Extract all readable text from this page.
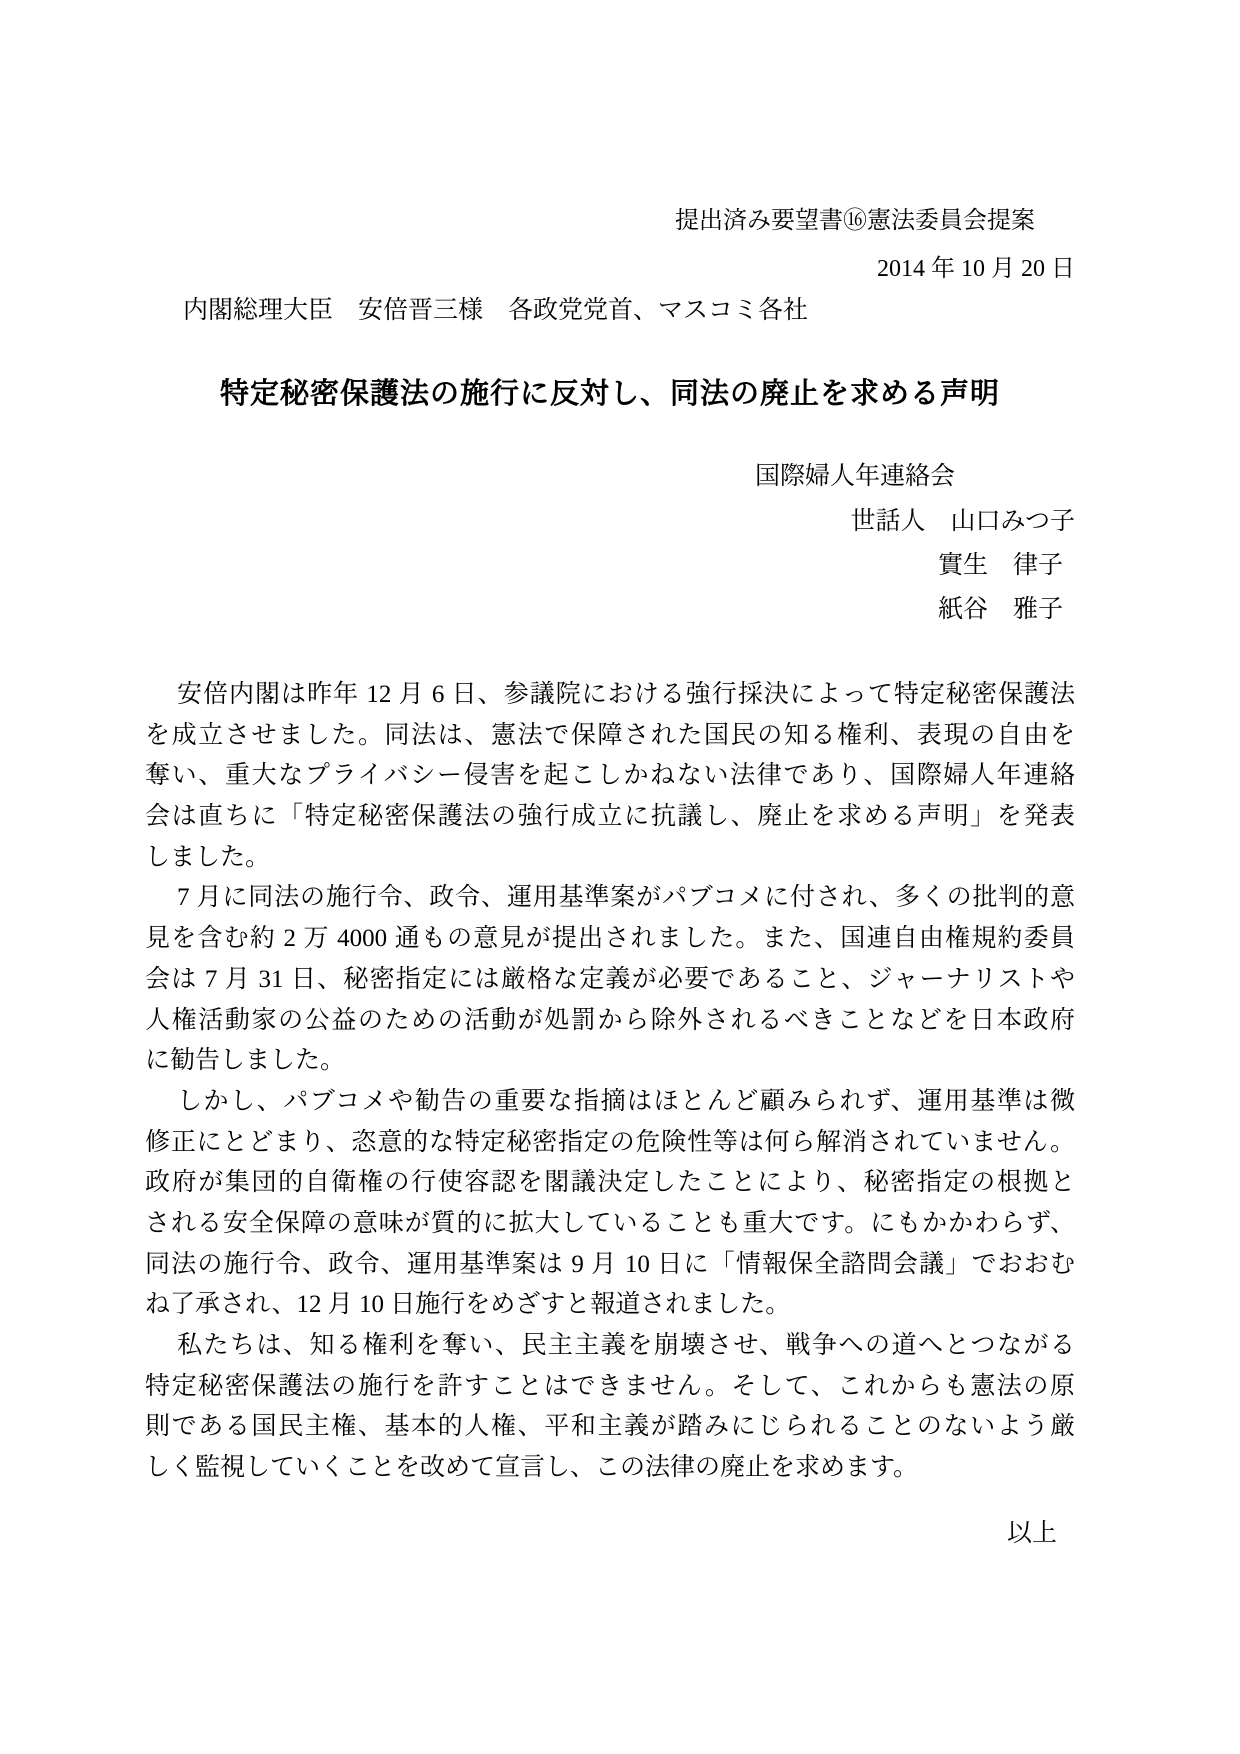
提出済み要望書⑯憲法委員会提案
2014 年 10 月 20 日
内閣総理大臣　安倍晋三様　各政党党首、マスコミ各社
特定秘密保護法の施行に反対し、同法の廃止を求める声明
国際婦人年連絡会
世話人　山口みつ子
實生　律子
紙谷　雅子
安倍内閣は昨年 12 月 6 日、参議院における強行採決によって特定秘密保護法
を成立させました。同法は、憲法で保障された国民の知る権利、表現の自由を
奪い、重大なプライバシー侵害を起こしかねない法律であり、国際婦人年連絡
会は直ちに「特定秘密保護法の強行成立に抗議し、廃止を求める声明」を発表
しました。
7 月に同法の施行令、政令、運用基準案がパブコメに付され、多くの批判的意
見を含む約 2 万 4000 通もの意見が提出されました。また、国連自由権規約委員
会は 7 月 31 日、秘密指定には厳格な定義が必要であること、ジャーナリストや
人権活動家の公益のための活動が処罰から除外されるべきことなどを日本政府
に勧告しました。
しかし、パブコメや勧告の重要な指摘はほとんど顧みられず、運用基準は微
修正にとどまり、恣意的な特定秘密指定の危険性等は何ら解消されていません。
政府が集団的自衛権の行使容認を閣議決定したことにより、秘密指定の根拠と
される安全保障の意味が質的に拡大していることも重大です。にもかかわらず、
同法の施行令、政令、運用基準案は 9 月 10 日に「情報保全諮問会議」でおおむ
ね了承され、12 月 10 日施行をめざすと報道されました。
私たちは、知る権利を奪い、民主主義を崩壊させ、戦争への道へとつながる
特定秘密保護法の施行を許すことはできません。そして、これからも憲法の原
則である国民主権、基本的人権、平和主義が踏みにじられることのないよう厳
しく監視していくことを改めて宣言し、この法律の廃止を求めます。
以上
